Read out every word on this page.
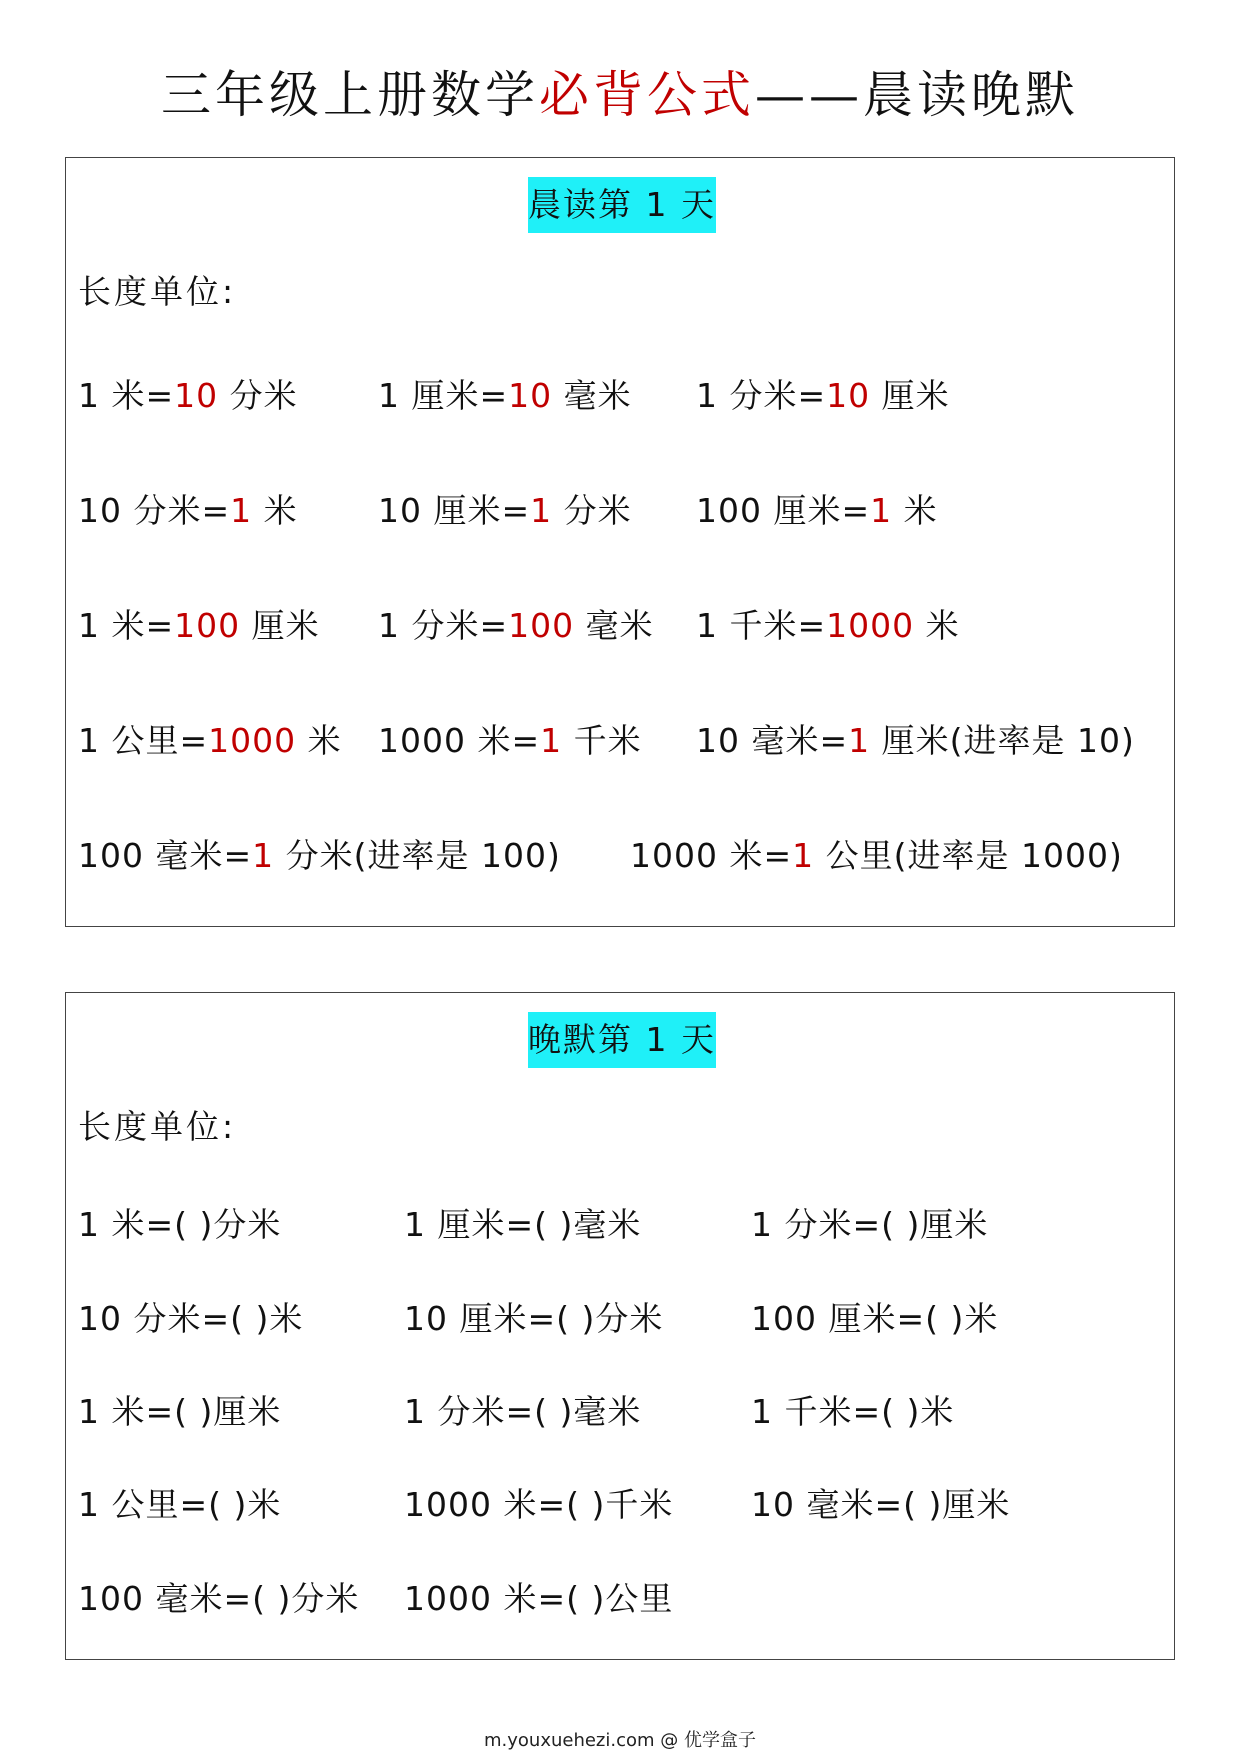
三年级上册数学必背公式——晨读晚默
晨读第 1 天
长度单位:
1 米=10 分米 1 厘米=10 毫米 1 分米=10 厘米
10 分米=1 米 10 厘米=1 分米 100 厘米=1 米
1 米=100 厘米 1 分米=100 毫米 1 千米=1000 米
1 公里=1000 米 1000 米=1 千米 10 毫米=1 厘米(进率是 10)
100 毫米=1 分米(进率是 100) 1000 米=1 公里(进率是 1000)
晚默第 1 天
长度单位:
1 米=( )分米	1 厘米=( )毫米	1 分米=( )厘米
10 分米=( )米	10 厘米=( )分米	100 厘米=( )米
1 米=( )厘米	1 分米=( )毫米	1 千米=( )米
1 公里=( )米	1000 米=( )千米 10 毫米=( )厘米
100 毫米=( )分米 1000 米=( )公里
m.youxuehezi.com @ 优学盒子
